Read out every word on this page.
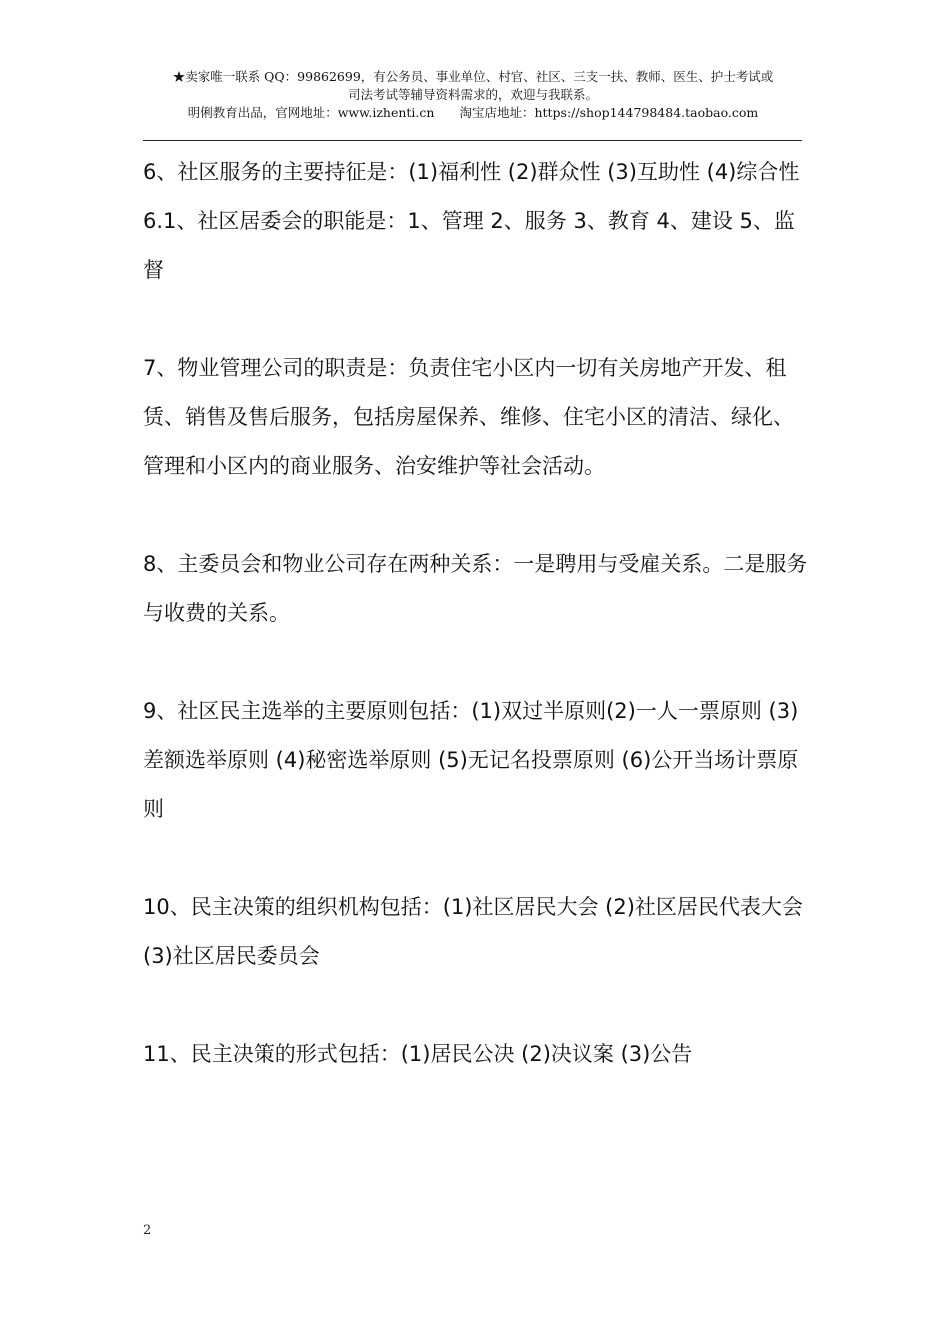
★卖家唯一联系 QQ：99862699，有公务员、事业单位、村官、社区、三支一扶、教师、医生、护士考试或
司法考试等辅导资料需求的，欢迎与我联系。
明俐教育出品，官网地址：www.izhenti.cn　　淘宝店地址：https://shop144798484.taobao.com

6、社区服务的主要持征是：(1)福利性 (2)群众性 (3)互助性 (4)综合性

6.1、社区居委会的职能是：1、管理 2、服务 3、教育 4、建设 5、监督

7、物业管理公司的职责是：负责住宅小区内一切有关房地产开发、租赁、销售及售后服务，包括房屋保养、维修、住宅小区的清洁、绿化、管理和小区内的商业服务、治安维护等社会活动。

8、主委员会和物业公司存在两种关系：一是聘用与受雇关系。二是服务与收费的关系。

9、社区民主选举的主要原则包括：(1)双过半原则(2)一人一票原则 (3)差额选举原则 (4)秘密选举原则 (5)无记名投票原则 (6)公开当场计票原则

10、民主决策的组织机构包括：(1)社区居民大会 (2)社区居民代表大会 (3)社区居民委员会

11、民主决策的形式包括：(1)居民公决 (2)决议案 (3)公告

2
